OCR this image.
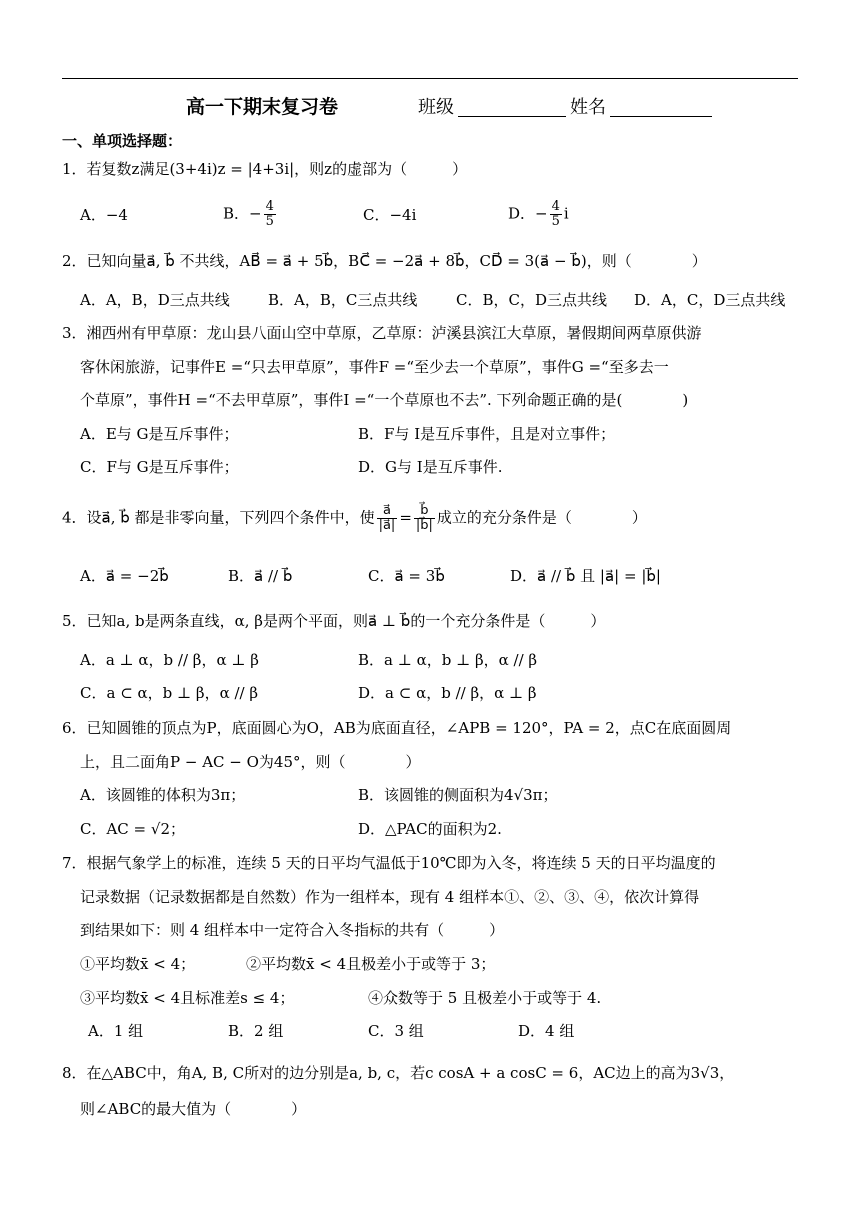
高一下期末复习卷	班级	姓名
一、单项选择题：
1．若复数z满足(3+4i)z = |4+3i|，则z的虚部为（　　　）
A．−4	B．− $\frac{4}{5}$	C．−4i	D．− $\frac{4}{5}$ i
2．已知向量a⃗, b⃗ 不共线，AB⃗ = a⃗ + 5b⃗，BC⃗ = −2a⃗ + 8b⃗，CD⃗ = 3(a⃗ − b⃗)，则（　　　　）
A．A，B，D三点共线	B．A，B，C三点共线	C．B，C，D三点共线 D．A，C，D三点共线
3．湘西州有甲草原：龙山县八面山空中草原，乙草原：泸溪县滨江大草原，暑假期间两草原供游
客休闲旅游，记事件E =“只去甲草原”，事件F =“至少去一个草原”，事件G =“至多去一
个草原”，事件H =“不去甲草原”，事件I =“一个草原也不去”. 下列命题正确的是(　　　　)
A．E与 G是互斥事件；	B．F与 I是互斥事件，且是对立事件；
C．F与 G是互斥事件；	D．G与 I是互斥事件.
4．设a⃗, b⃗ 都是非零向量，下列四个条件中，使 $\frac{a⃗}{|a⃗|} = \frac{b⃗}{|b⃗|}$ 成立的充分条件是（　　　　）
A．a⃗ = −2b⃗	B．a⃗ // b⃗	C．a⃗ = 3b⃗	D．a⃗ // b⃗ 且 |a⃗| = |b⃗|
5．已知a, b是两条直线，α, β是两个平面，则a⃗ ⊥ b⃗的一个充分条件是（　　　）
A．a ⊥ α，b // β，α ⊥ β	B．a ⊥ α，b ⊥ β，α // β
C．a ⊂ α，b ⊥ β，α // β	D．a ⊂ α，b // β，α ⊥ β
6．已知圆锥的顶点为P，底面圆心为O，AB为底面直径，∠APB = 120°，PA = 2，点C在底面圆周
上，且二面角P − AC − O为45°，则（　　　　）
A．该圆锥的体积为3π；	B．该圆锥的侧面积为4√3π；
C．AC = √2；	D．△PAC的面积为2.
7．根据气象学上的标准，连续 5 天的日平均气温低于10℃即为入冬，将连续 5 天的日平均温度的
记录数据（记录数据都是自然数）作为一组样本，现有 4 组样本①、②、③、④，依次计算得
到结果如下：则 4 组样本中一定符合入冬指标的共有（　　　）
①平均数x̄ < 4；	②平均数x̄ < 4且极差小于或等于 3；
③平均数x̄ < 4且标准差s ≤ 4；	④众数等于 5 且极差小于或等于 4.
A．1 组	B．2 组	C．3 组	D．4 组
8．在△ABC中，角A, B, C所对的边分别是a, b, c，若c cosA + a cosC = 6，AC边上的高为3√3，
则∠ABC的最大值为（　　　　）
